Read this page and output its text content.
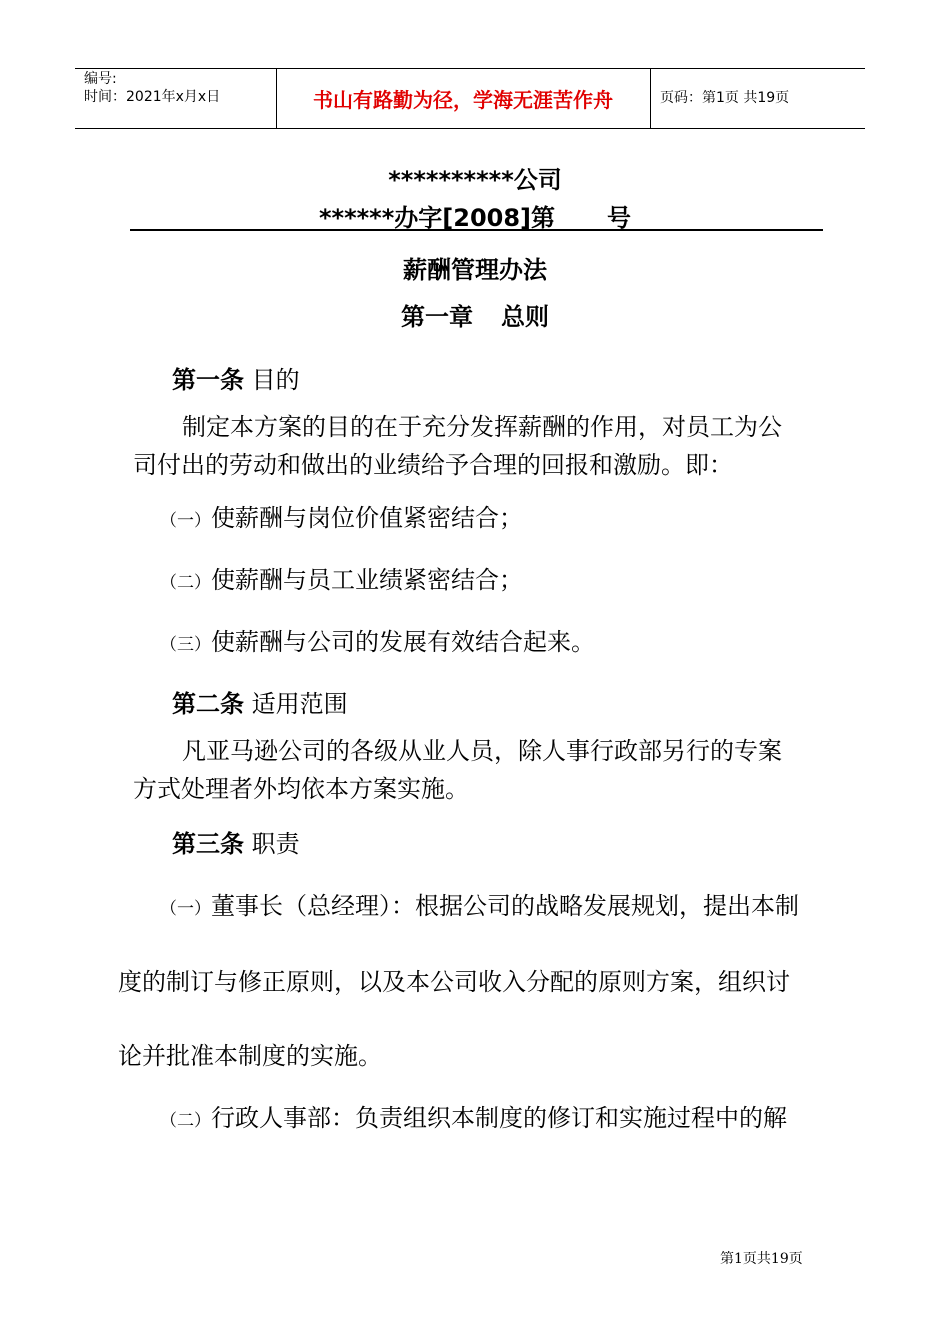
编号:
时间：2021年x月x日	书山有路勤为径，学海无涯苦作舟	页码：第1页 共19页
**********公司
******办字[2008]第 号
薪酬管理办法
第一章 总则
第一条 目的
制定本方案的目的在于充分发挥薪酬的作用，对员工为公
司付出的劳动和做出的业绩给予合理的回报和激励。即：
（一）使薪酬与岗位价值紧密结合；
（二）使薪酬与员工业绩紧密结合；
（三）使薪酬与公司的发展有效结合起来。
第二条 适用范围
凡亚马逊公司的各级从业人员，除人事行政部另行的专案
方式处理者外均依本方案实施。
第三条 职责
（一）董事长（总经理）：根据公司的战略发展规划，提出本制
度的制订与修正原则，以及本公司收入分配的原则方案，组织讨
论并批准本制度的实施。
（二）行政人事部：负责组织本制度的修订和实施过程中的解
第1页共19页
